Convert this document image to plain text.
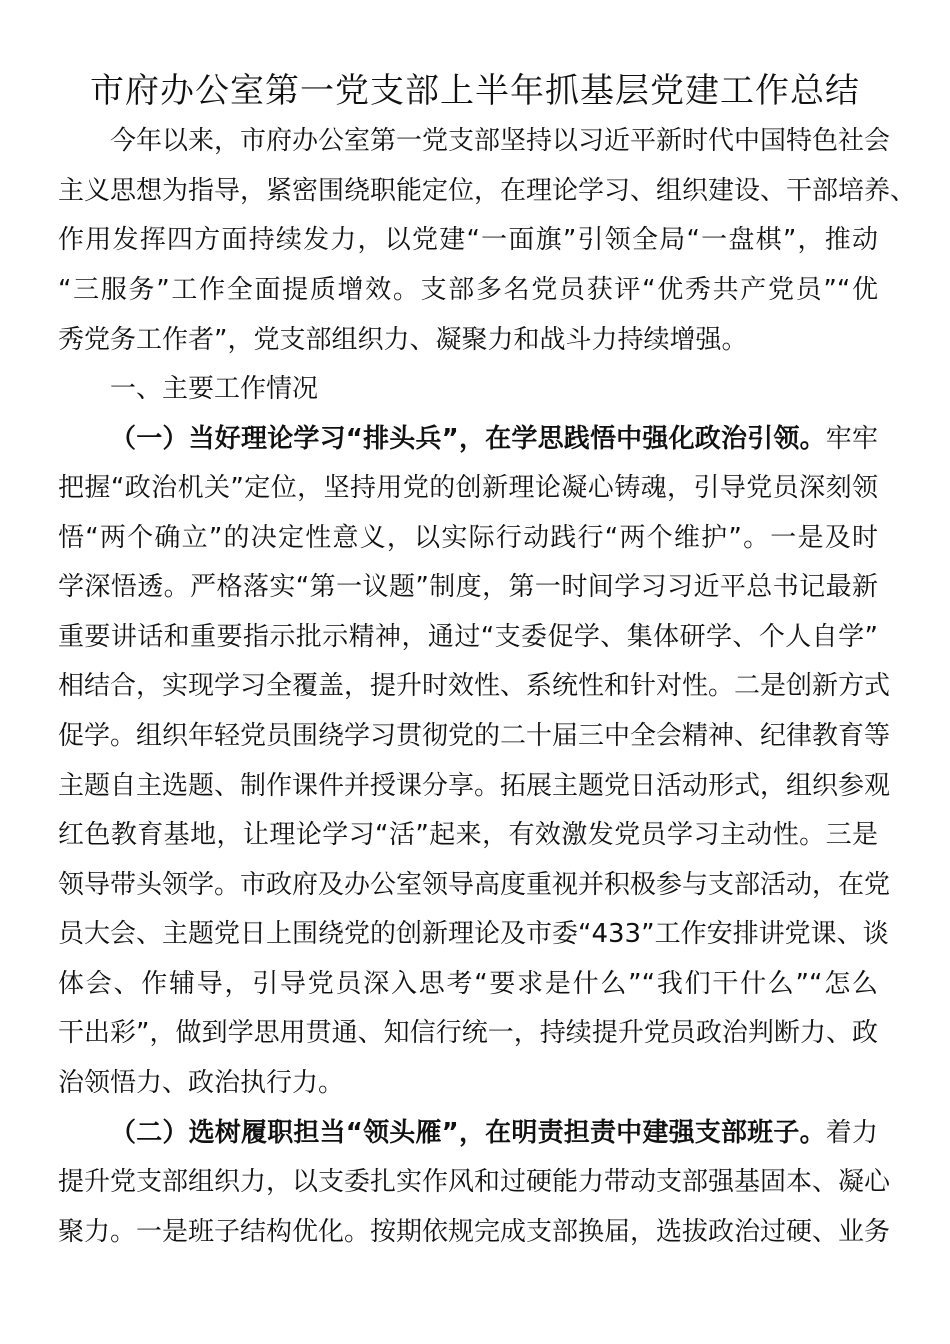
市府办公室第一党支部上半年抓基层党建工作总结

今年以来，市府办公室第一党支部坚持以习近平新时代中国特色社会

主义思想为指导，紧密围绕职能定位，在理论学习、组织建设、干部培养、

作用发挥四方面持续发力，以党建“一面旗”引领全局“一盘棋”，推动

“三服务”工作全面提质增效。支部多名党员获评“优秀共产党员”“优

秀党务工作者”，党支部组织力、凝聚力和战斗力持续增强。

一、主要工作情况

（一）当好理论学习“排头兵”，在学思践悟中强化政治引领。牢牢

把握“政治机关”定位，坚持用党的创新理论凝心铸魂，引导党员深刻领

悟“两个确立”的决定性意义，以实际行动践行“两个维护”。一是及时

学深悟透。严格落实“第一议题”制度，第一时间学习习近平总书记最新

重要讲话和重要指示批示精神，通过“支委促学、集体研学、个人自学”

相结合，实现学习全覆盖，提升时效性、系统性和针对性。二是创新方式

促学。组织年轻党员围绕学习贯彻党的二十届三中全会精神、纪律教育等

主题自主选题、制作课件并授课分享。拓展主题党日活动形式，组织参观

红色教育基地，让理论学习“活”起来，有效激发党员学习主动性。三是

领导带头领学。市政府及办公室领导高度重视并积极参与支部活动，在党

员大会、主题党日上围绕党的创新理论及市委“433”工作安排讲党课、谈

体会、作辅导，引导党员深入思考“要求是什么”“我们干什么”“怎么

干出彩”，做到学思用贯通、知信行统一，持续提升党员政治判断力、政

治领悟力、政治执行力。

（二）选树履职担当“领头雁”，在明责担责中建强支部班子。着力

提升党支部组织力，以支委扎实作风和过硬能力带动支部强基固本、凝心

聚力。一是班子结构优化。按期依规完成支部换届，选拔政治过硬、业务
